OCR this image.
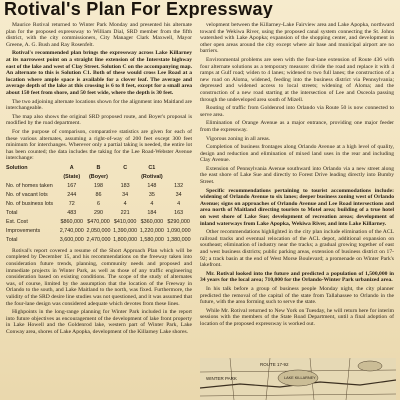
Rotival's Plan For Expressway

Maurice Rotival returned to Winter Park Monday and presented his alternate plan for the proposed expressway to William Dial, SRD member from the fifth district, with the city commissioners, City Manager Clark Maxwell, Mayor Greene, A. G. Bush and Ray Rosenfelt.

Rotival's recommended plan brings the expressway across Lake Killarney at its narrowest point on a straight line extension of the Interstate highway east of the lake and west of Clay Street. Solution C on the accompanying map. An alternate to this is Solution C1. Both of these would cross Lee Road at a location where ample space is available for a clover leaf. The average and average depth of the lake at this crossing is 6 to 8 feet, except for a small area about 150 feet from shore, and 50 feet wide, where the depth is 30 feet.

The two adjoining alternate locations shown for the alignment into Maitland are interchangeable.

The map also shows the original SRD proposed route, and Boyer's proposal is modified by the road department.

For the purpose of comparison, comparative statistics are given for each of these various alternates, assuming a right-of-way of 200 feet except 300 feet minimum for interchanges. Wherever only a partial taking is needed, the entire lot has been counted; the data includes the taking for the Lee Road-Webster Avenue interchange:

Solution	A	B	C	C1	
	(State)	(Boyer)		(Rotival)	
No. of homes taken	167	198	183	148	132
No. of vacant lots	244	86	34	35	34
No. of business lots	72	6	4	4	4
Total	483	290	221	184	163
Est. Cost	$860,000	$470,000	$410,000	$360,000	$290,000
Improvements	2,740,000	2,050,000	1,390,000	1,220,000	1,090,000
Total	3,600,000	2,470,000	1,800,000	1,580,000	1,380,000

Rotival's report covered a resume of the Short Approach Plan which will be completed by December 15, and his recommendations on the freeway taken into consideration future trends, planning, community needs and proposed and immediate projects in Winter Park, as well as those of any traffic engineering consideration based on existing conditions. The scope of the study of alternates was, of course, limited by the assumption that the location of the Freeway in Orlando to the south, and Lake Maitland to the north, was fixed. Furthermore, the validity of the SRD desire line studies was not questioned, and it was assumed that the four-lane design was considered adequate which devotes from these lines.

Highpoints in the long-range planning for Winter Park included in the report into future objectives as encouragement of the development of lake front property in Lake Howell and the Goldenrod lake, western part of Winter Park, Lake Conway area, shores of Lake Apopka, development of the Killarney Lake shores.

velopment between the Killarney-Lake Fairview area and Lake Apopka, northward toward the Wekiwa River, using the proposed canal system connecting the St. Johns watershed with Lake Apopka; expansion of the shopping center, and development in other open areas around the city except where air base and municipal airport are no barriers.

Environmental problems are seen with the four-lane extension of Route 436 with four alternate solutions as a temporary measure: divide the road and replace it with 4 ramps at Gulf road; widen to 4 lanes; widened to two full lanes; the construction of a new road on Aloma, widened, feeding into the business district via Pennsylvania; depressed and widened access to local streets; widening of Aloma; and the construction of a new road starting at the intersection of Lee and Osceola passing through the undeveloped area south of Mizell.

Routing of traffic from Goldenrod into Orlando via Route 50 is now connected to serve area.

Elimination of Orange Avenue as a major entrance, providing one major feeder from the expressway.

Vigorous zoning in all areas.

Completion of business frontages along Orlando Avenue at a high level of quality, design and reduction and elimination of mixed land uses in the rear and including Clay Avenue.

Extension of Pennsylvania Avenue southward into Orlando via a new street along the east shore of Lake Sue and directly to Forest Drive leading directly into Bumby Street.

Specific recommendations pertaining to tourist accommodations include: widening of Orlando Avenue to six lanes; deeper business zoning west of Orlando Avenue; signs on approaches of Orlando Avenue and Lee Road intersections and area north of Maitland directing tourists to Motel area; building of a true hotel on west shore of Lake Sue; development of recreation areas; development of inland waterways from Lake Apopka, Wekiwa River, and into Lake Killarney.

Other recommendations highlighted in the city plan include elimination of the ACL railroad tracks and eventual relocation of the ACL depot, additional expansion on southeast; elimination of industry near the tracks; a gradual growing together of east and west business districts; public parking areas, extension of business district on 17-92; a track basin at the end of West Morse Boulevard; a promenade on Winter Park's lakefront.

Mr. Rotival looked into the future and predicted a population of 1,500,000 in 34 years for the local area; 710,000 for the Orlando-Winter Park urbanized area.

In his talk before a group of business people Monday night, the city planner predicted the removal of the capital of the state from Tallahassee to Orlando in the future, with the area forming such to serve the state.

While Mr. Rotival returned to New York on Tuesday, he will return here for interim sessions with the members of the State Road Department, until a final adoption of location of the proposed expressway is worked out.

ROUTE 17-92
WINTER PARK	LAKE KILLARNEY
